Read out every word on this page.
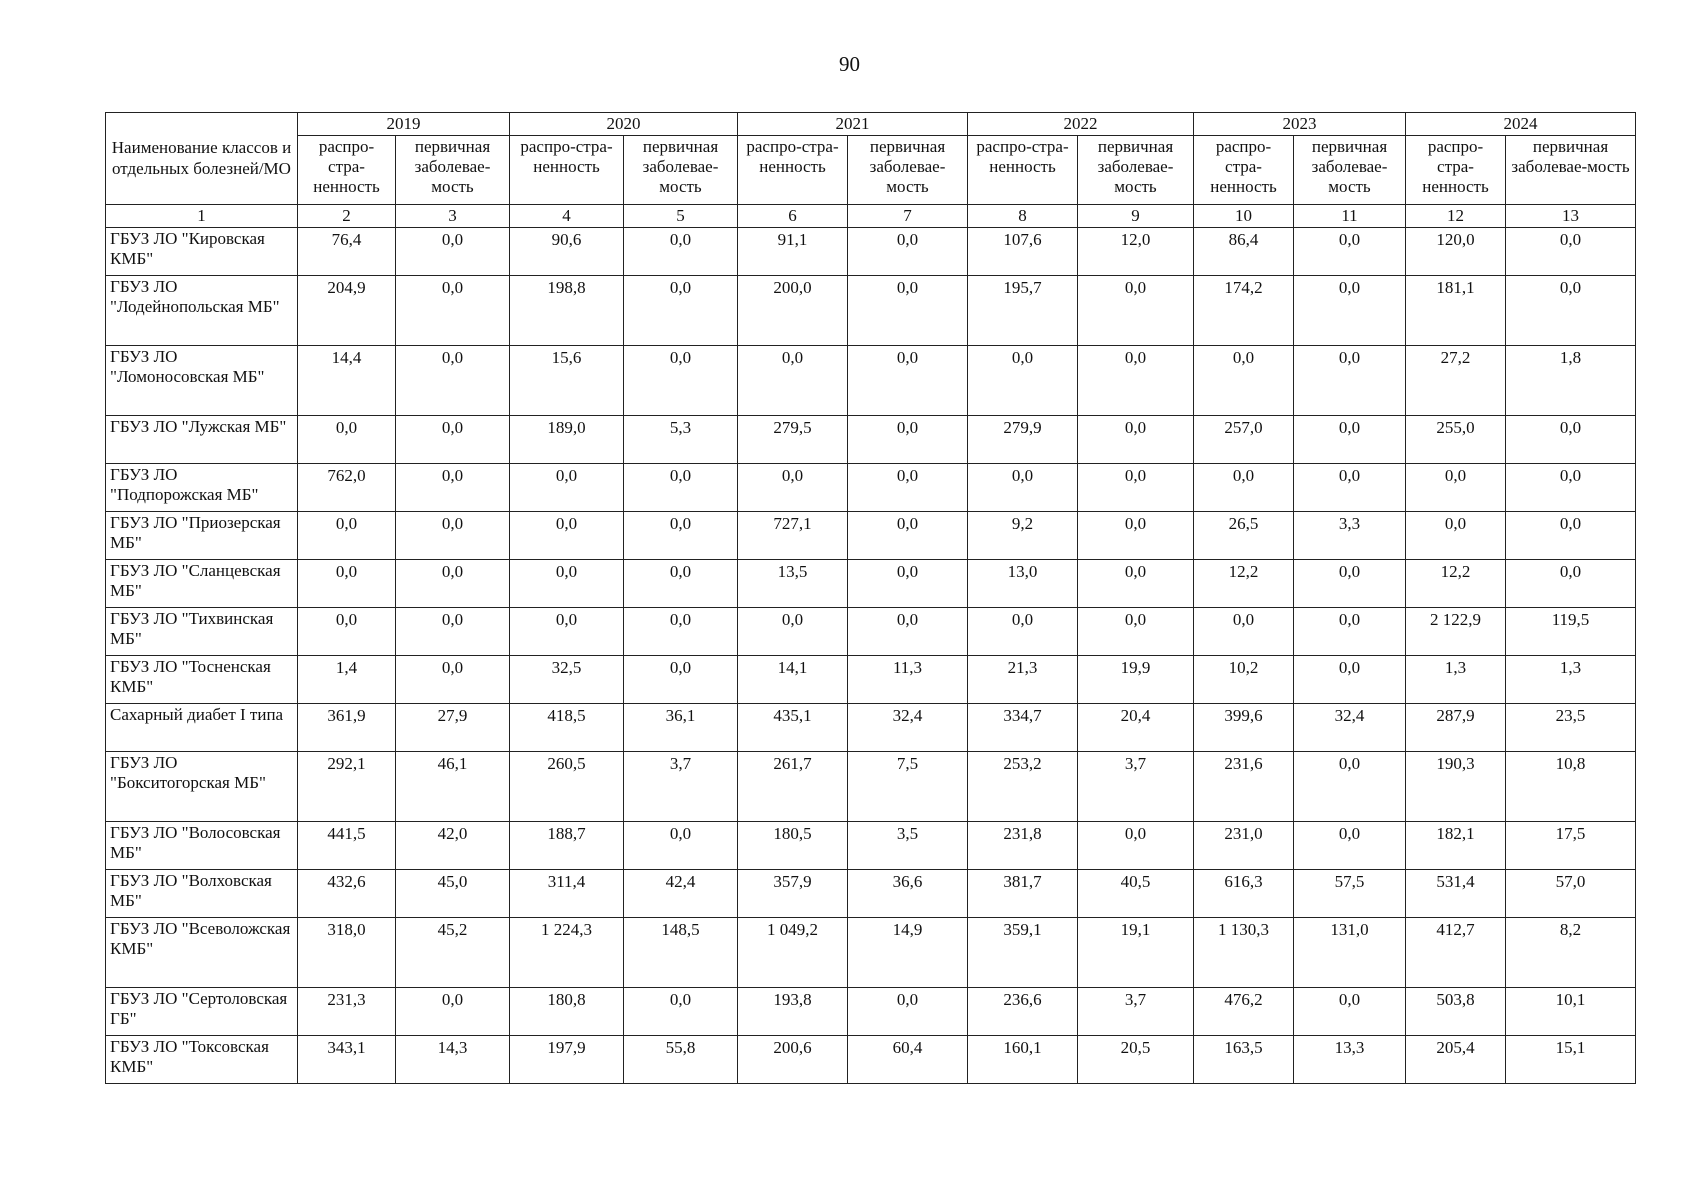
90
Наименование классов и отдельных болезней/МО	2019		2020		2021		2022		2023		2024	
	распро-стра-ненность	первичная заболевае-мость	распро-стра-ненность	первичная заболевае-мость	распро-стра-ненность	первичная заболевае-мость	распро-стра-ненность	первичная заболевае-мость	распро-стра-ненность	первичная заболевае-мость	распро-стра-ненность	первичная заболевае-мость
1	2	3	4	5	6	7	8	9	10	11	12	13
ГБУЗ ЛО "Кировская КМБ"	76,4	0,0	90,6	0,0	91,1	0,0	107,6	12,0	86,4	0,0	120,0	0,0
ГБУЗ ЛО "Лодейнопольская МБ"	204,9	0,0	198,8	0,0	200,0	0,0	195,7	0,0	174,2	0,0	181,1	0,0
ГБУЗ ЛО "Ломоносовская МБ"	14,4	0,0	15,6	0,0	0,0	0,0	0,0	0,0	0,0	0,0	27,2	1,8
ГБУЗ ЛО "Лужская МБ"	0,0	0,0	189,0	5,3	279,5	0,0	279,9	0,0	257,0	0,0	255,0	0,0
ГБУЗ ЛО "Подпорожская МБ"	762,0	0,0	0,0	0,0	0,0	0,0	0,0	0,0	0,0	0,0	0,0	0,0
ГБУЗ ЛО "Приозерская МБ"	0,0	0,0	0,0	0,0	727,1	0,0	9,2	0,0	26,5	3,3	0,0	0,0
ГБУЗ ЛО "Сланцевская МБ"	0,0	0,0	0,0	0,0	13,5	0,0	13,0	0,0	12,2	0,0	12,2	0,0
ГБУЗ ЛО "Тихвинская МБ"	0,0	0,0	0,0	0,0	0,0	0,0	0,0	0,0	0,0	0,0	2 122,9	119,5
ГБУЗ ЛО "Тосненская КМБ"	1,4	0,0	32,5	0,0	14,1	11,3	21,3	19,9	10,2	0,0	1,3	1,3
Сахарный диабет I типа	361,9	27,9	418,5	36,1	435,1	32,4	334,7	20,4	399,6	32,4	287,9	23,5
ГБУЗ ЛО "Бокситогорская МБ"	292,1	46,1	260,5	3,7	261,7	7,5	253,2	3,7	231,6	0,0	190,3	10,8
ГБУЗ ЛО "Волосовская МБ"	441,5	42,0	188,7	0,0	180,5	3,5	231,8	0,0	231,0	0,0	182,1	17,5
ГБУЗ ЛО "Волховская МБ"	432,6	45,0	311,4	42,4	357,9	36,6	381,7	40,5	616,3	57,5	531,4	57,0
ГБУЗ ЛО "Всеволожская КМБ"	318,0	45,2	1 224,3	148,5	1 049,2	14,9	359,1	19,1	1 130,3	131,0	412,7	8,2
ГБУЗ ЛО "Сертоловская ГБ"	231,3	0,0	180,8	0,0	193,8	0,0	236,6	3,7	476,2	0,0	503,8	10,1
ГБУЗ ЛО "Токсовская КМБ"	343,1	14,3	197,9	55,8	200,6	60,4	160,1	20,5	163,5	13,3	205,4	15,1
